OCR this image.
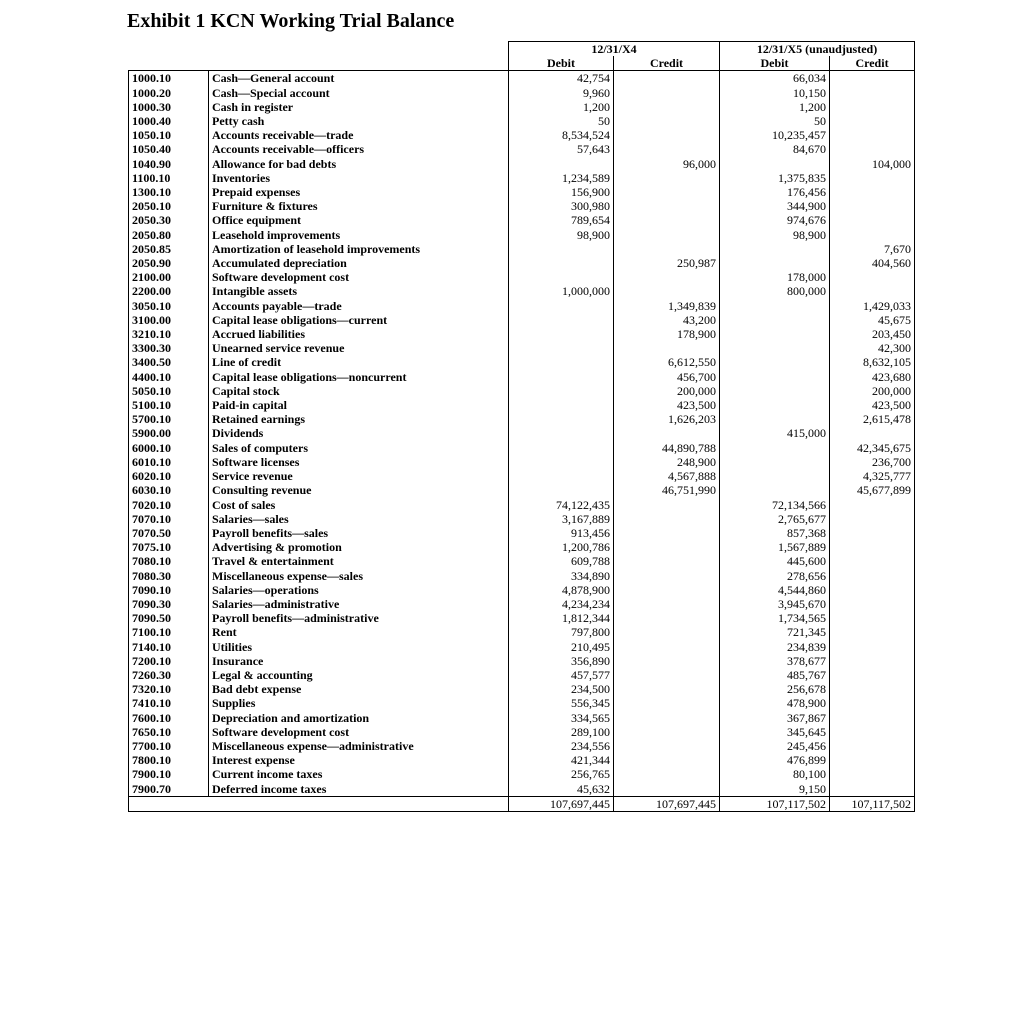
Exhibit 1 KCN Working Trial Balance
		12/31/X4		12/31/X5 (unaudjusted)	
		Debit	Credit	Debit	Credit
1000.10	Cash—General account	42,754		66,034	
1000.20	Cash—Special account	9,960		10,150	
1000.30	Cash in register	1,200		1,200	
1000.40	Petty cash	50		50	
1050.10	Accounts receivable—trade	8,534,524		10,235,457	
1050.40	Accounts receivable—officers	57,643		84,670	
1040.90	Allowance for bad debts		96,000		104,000
1100.10	Inventories	1,234,589		1,375,835	
1300.10	Prepaid expenses	156,900		176,456	
2050.10	Furniture & fixtures	300,980		344,900	
2050.30	Office equipment	789,654		974,676	
2050.80	Leasehold improvements	98,900		98,900	
2050.85	Amortization of leasehold improvements				7,670
2050.90	Accumulated depreciation		250,987		404,560
2100.00	Software development cost			178,000	
2200.00	Intangible assets	1,000,000		800,000	
3050.10	Accounts payable—trade		1,349,839		1,429,033
3100.00	Capital lease obligations—current		43,200		45,675
3210.10	Accrued liabilities		178,900		203,450
3300.30	Unearned service revenue				42,300
3400.50	Line of credit		6,612,550		8,632,105
4400.10	Capital lease obligations—noncurrent		456,700		423,680
5050.10	Capital stock		200,000		200,000
5100.10	Paid-in capital		423,500		423,500
5700.10	Retained earnings		1,626,203		2,615,478
5900.00	Dividends			415,000	
6000.10	Sales of computers		44,890,788		42,345,675
6010.10	Software licenses		248,900		236,700
6020.10	Service revenue		4,567,888		4,325,777
6030.10	Consulting revenue		46,751,990		45,677,899
7020.10	Cost of sales	74,122,435		72,134,566	
7070.10	Salaries—sales	3,167,889		2,765,677	
7070.50	Payroll benefits—sales	913,456		857,368	
7075.10	Advertising & promotion	1,200,786		1,567,889	
7080.10	Travel & entertainment	609,788		445,600	
7080.30	Miscellaneous expense—sales	334,890		278,656	
7090.10	Salaries—operations	4,878,900		4,544,860	
7090.30	Salaries—administrative	4,234,234		3,945,670	
7090.50	Payroll benefits—administrative	1,812,344		1,734,565	
7100.10	Rent	797,800		721,345	
7140.10	Utilities	210,495		234,839	
7200.10	Insurance	356,890		378,677	
7260.30	Legal & accounting	457,577		485,767	
7320.10	Bad debt expense	234,500		256,678	
7410.10	Supplies	556,345		478,900	
7600.10	Depreciation and amortization	334,565		367,867	
7650.10	Software development cost	289,100		345,645	
7700.10	Miscellaneous expense—administrative	234,556		245,456	
7800.10	Interest expense	421,344		476,899	
7900.10	Current income taxes	256,765		80,100	
7900.70	Deferred income taxes	45,632		9,150	
		107,697,445	107,697,445	107,117,502	107,117,502
